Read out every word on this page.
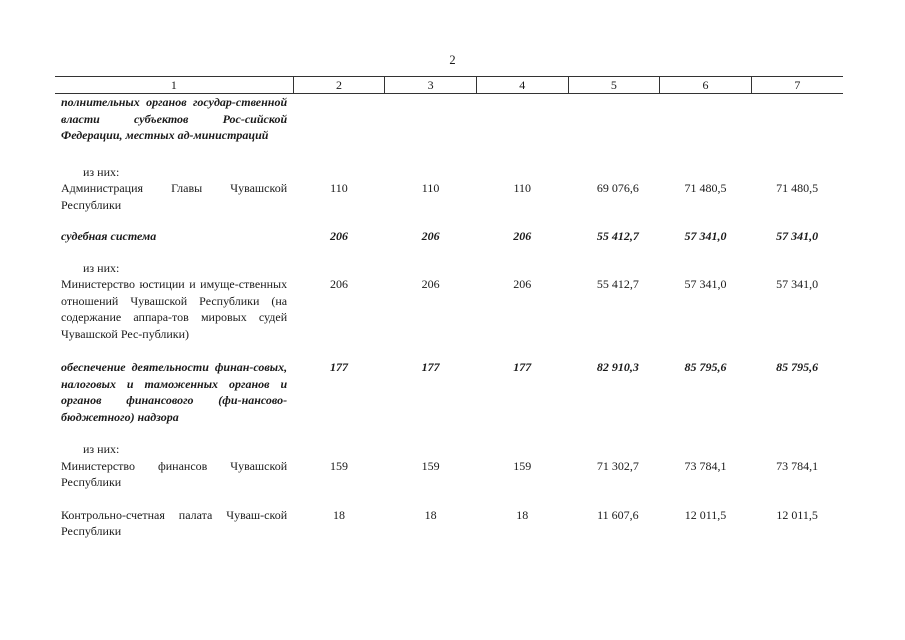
2
1	2	3	4	5	6	7
полнительных органов государ-ственной власти субъектов Рос-сийской Федерации, местных ад-министраций						

из них:						

Администрация Главы Чувашской Республики	110	110	110	69 076,6	71 480,5	71 480,5

судебная система	206	206	206	55 412,7	57 341,0	57 341,0

из них:						

Министерство юстиции и имуще-ственных отношений Чувашской Республики (на содержание аппара-тов мировых судей Чувашской Рес-публики)	206	206	206	55 412,7	57 341,0	57 341,0

обеспечение деятельности финан-совых, налоговых и таможенных органов и органов финансового (фи-нансово-бюджетного) надзора	177	177	177	82 910,3	85 795,6	85 795,6

из них:						

Министерство финансов Чувашской Республики	159	159	159	71 302,7	73 784,1	73 784,1

Контрольно-счетная палата Чуваш-ской Республики	18	18	18	11 607,6	12 011,5	12 011,5
